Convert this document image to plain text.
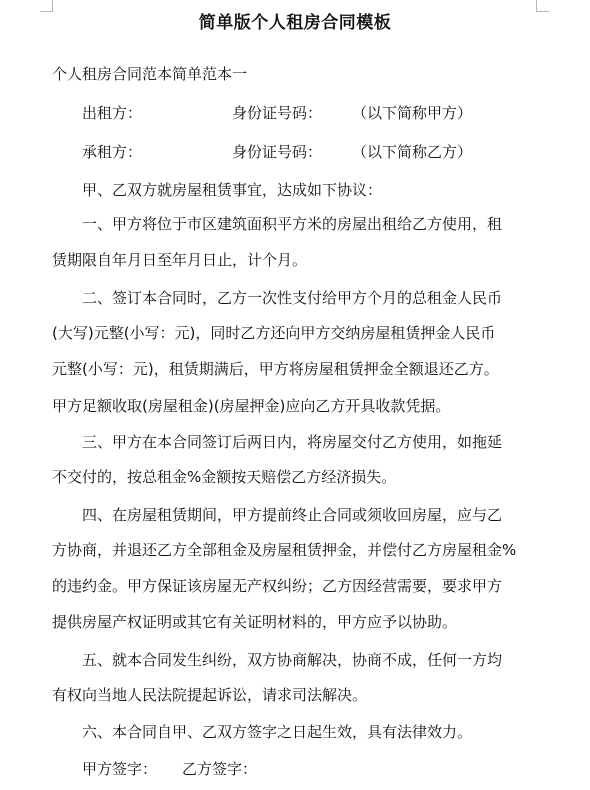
简单版个人租房合同模板
个人租房合同范本简单范本一
出租方：	身份证号码： （以下简称甲方）
承租方：	身份证号码： （以下简称乙方）
甲、乙双方就房屋租赁事宜，达成如下协议：
一、甲方将位于市区建筑面积平方米的房屋出租给乙方使用，租
赁期限自年月日至年月日止，计个月。
二、签订本合同时，乙方一次性支付给甲方个月的总租金人民币
(大写)元整(小写：元)，同时乙方还向甲方交纳房屋租赁押金人民币
元整(小写：元)，租赁期满后，甲方将房屋租赁押金全额退还乙方。
甲方足额收取(房屋租金)(房屋押金)应向乙方开具收款凭据。
三、甲方在本合同签订后两日内，将房屋交付乙方使用，如拖延
不交付的，按总租金%金额按天赔偿乙方经济损失。
四、在房屋租赁期间，甲方提前终止合同或须收回房屋，应与乙
方协商，并退还乙方全部租金及房屋租赁押金，并偿付乙方房屋租金%
的违约金。甲方保证该房屋无产权纠纷；乙方因经营需要，要求甲方
提供房屋产权证明或其它有关证明材料的，甲方应予以协助。
五、就本合同发生纠纷，双方协商解决，协商不成，任何一方均
有权向当地人民法院提起诉讼，请求司法解决。
六、本合同自甲、乙双方签字之日起生效，具有法律效力。
甲方签字： 乙方签字：
